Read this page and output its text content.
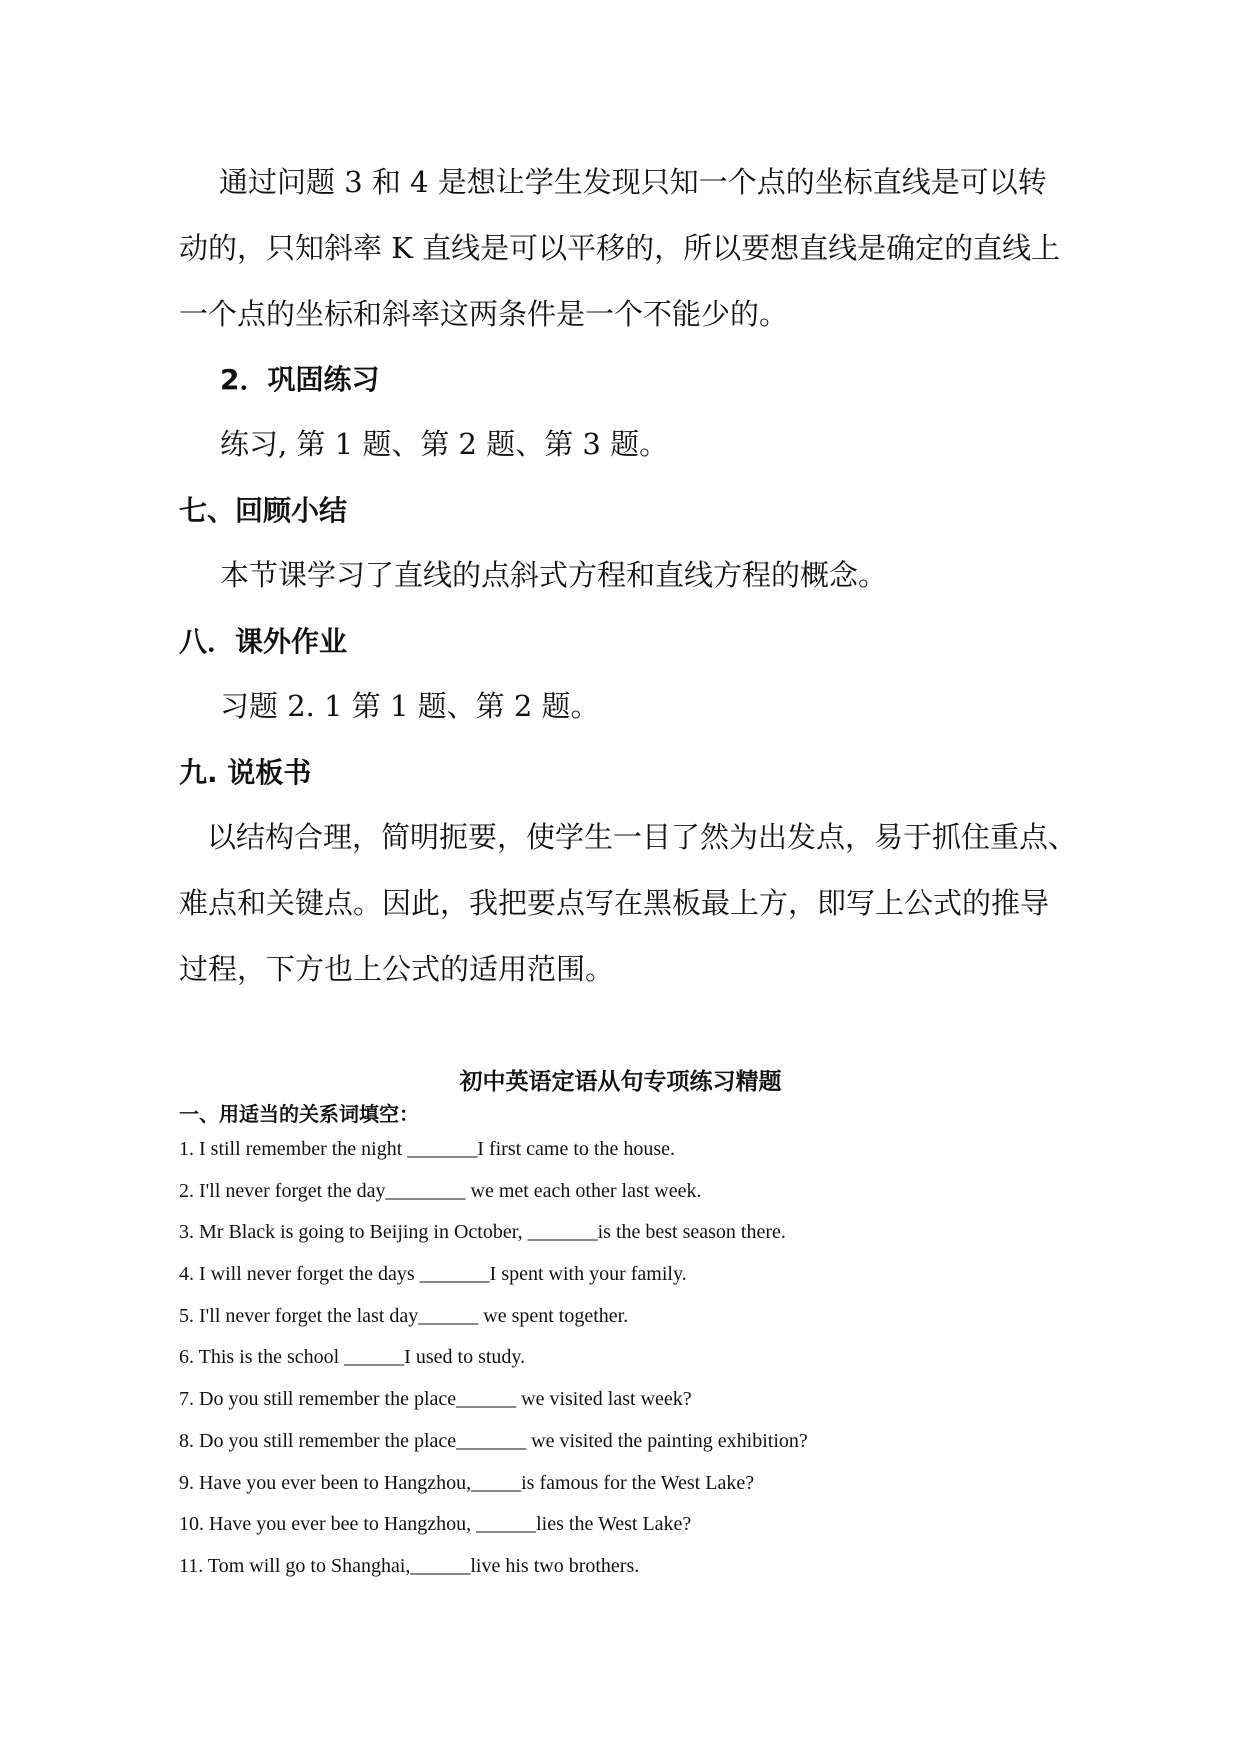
通过问题 3 和 4 是想让学生发现只知一个点的坐标直线是可以转
动的，只知斜率 K 直线是可以平移的，所以要想直线是确定的直线上
一个点的坐标和斜率这两条件是一个不能少的。
2．巩固练习
练习, 第 1 题、第 2 题、第 3 题。
七、回顾小结
本节课学习了直线的点斜式方程和直线方程的概念。
八．课外作业
习题 2. 1 第 1 题、第 2 题。
九. 说板书
以结构合理，简明扼要，使学生一目了然为出发点，易于抓住重点、
难点和关键点。因此，我把要点写在黑板最上方，即写上公式的推导
过程，下方也上公式的适用范围。
初中英语定语从句专项练习精题
一、用适当的关系词填空：
1. I still remember the night _______I first came to the house.
2. I'll never forget the day________ we met each other last week.
3. Mr Black is going to Beijing in October, _______is the best season there.
4. I will never forget the days _______I spent with your family.
5. I'll never forget the last day______ we spent together.
6. This is the school ______I used to study.
7. Do you still remember the place______ we visited last week?
8. Do you still remember the place_______ we visited the painting exhibition?
9. Have you ever been to Hangzhou,_____is famous for the West Lake?
10. Have you ever bee to Hangzhou, ______lies the West Lake?
11. Tom will go to Shanghai,______live his two brothers.
